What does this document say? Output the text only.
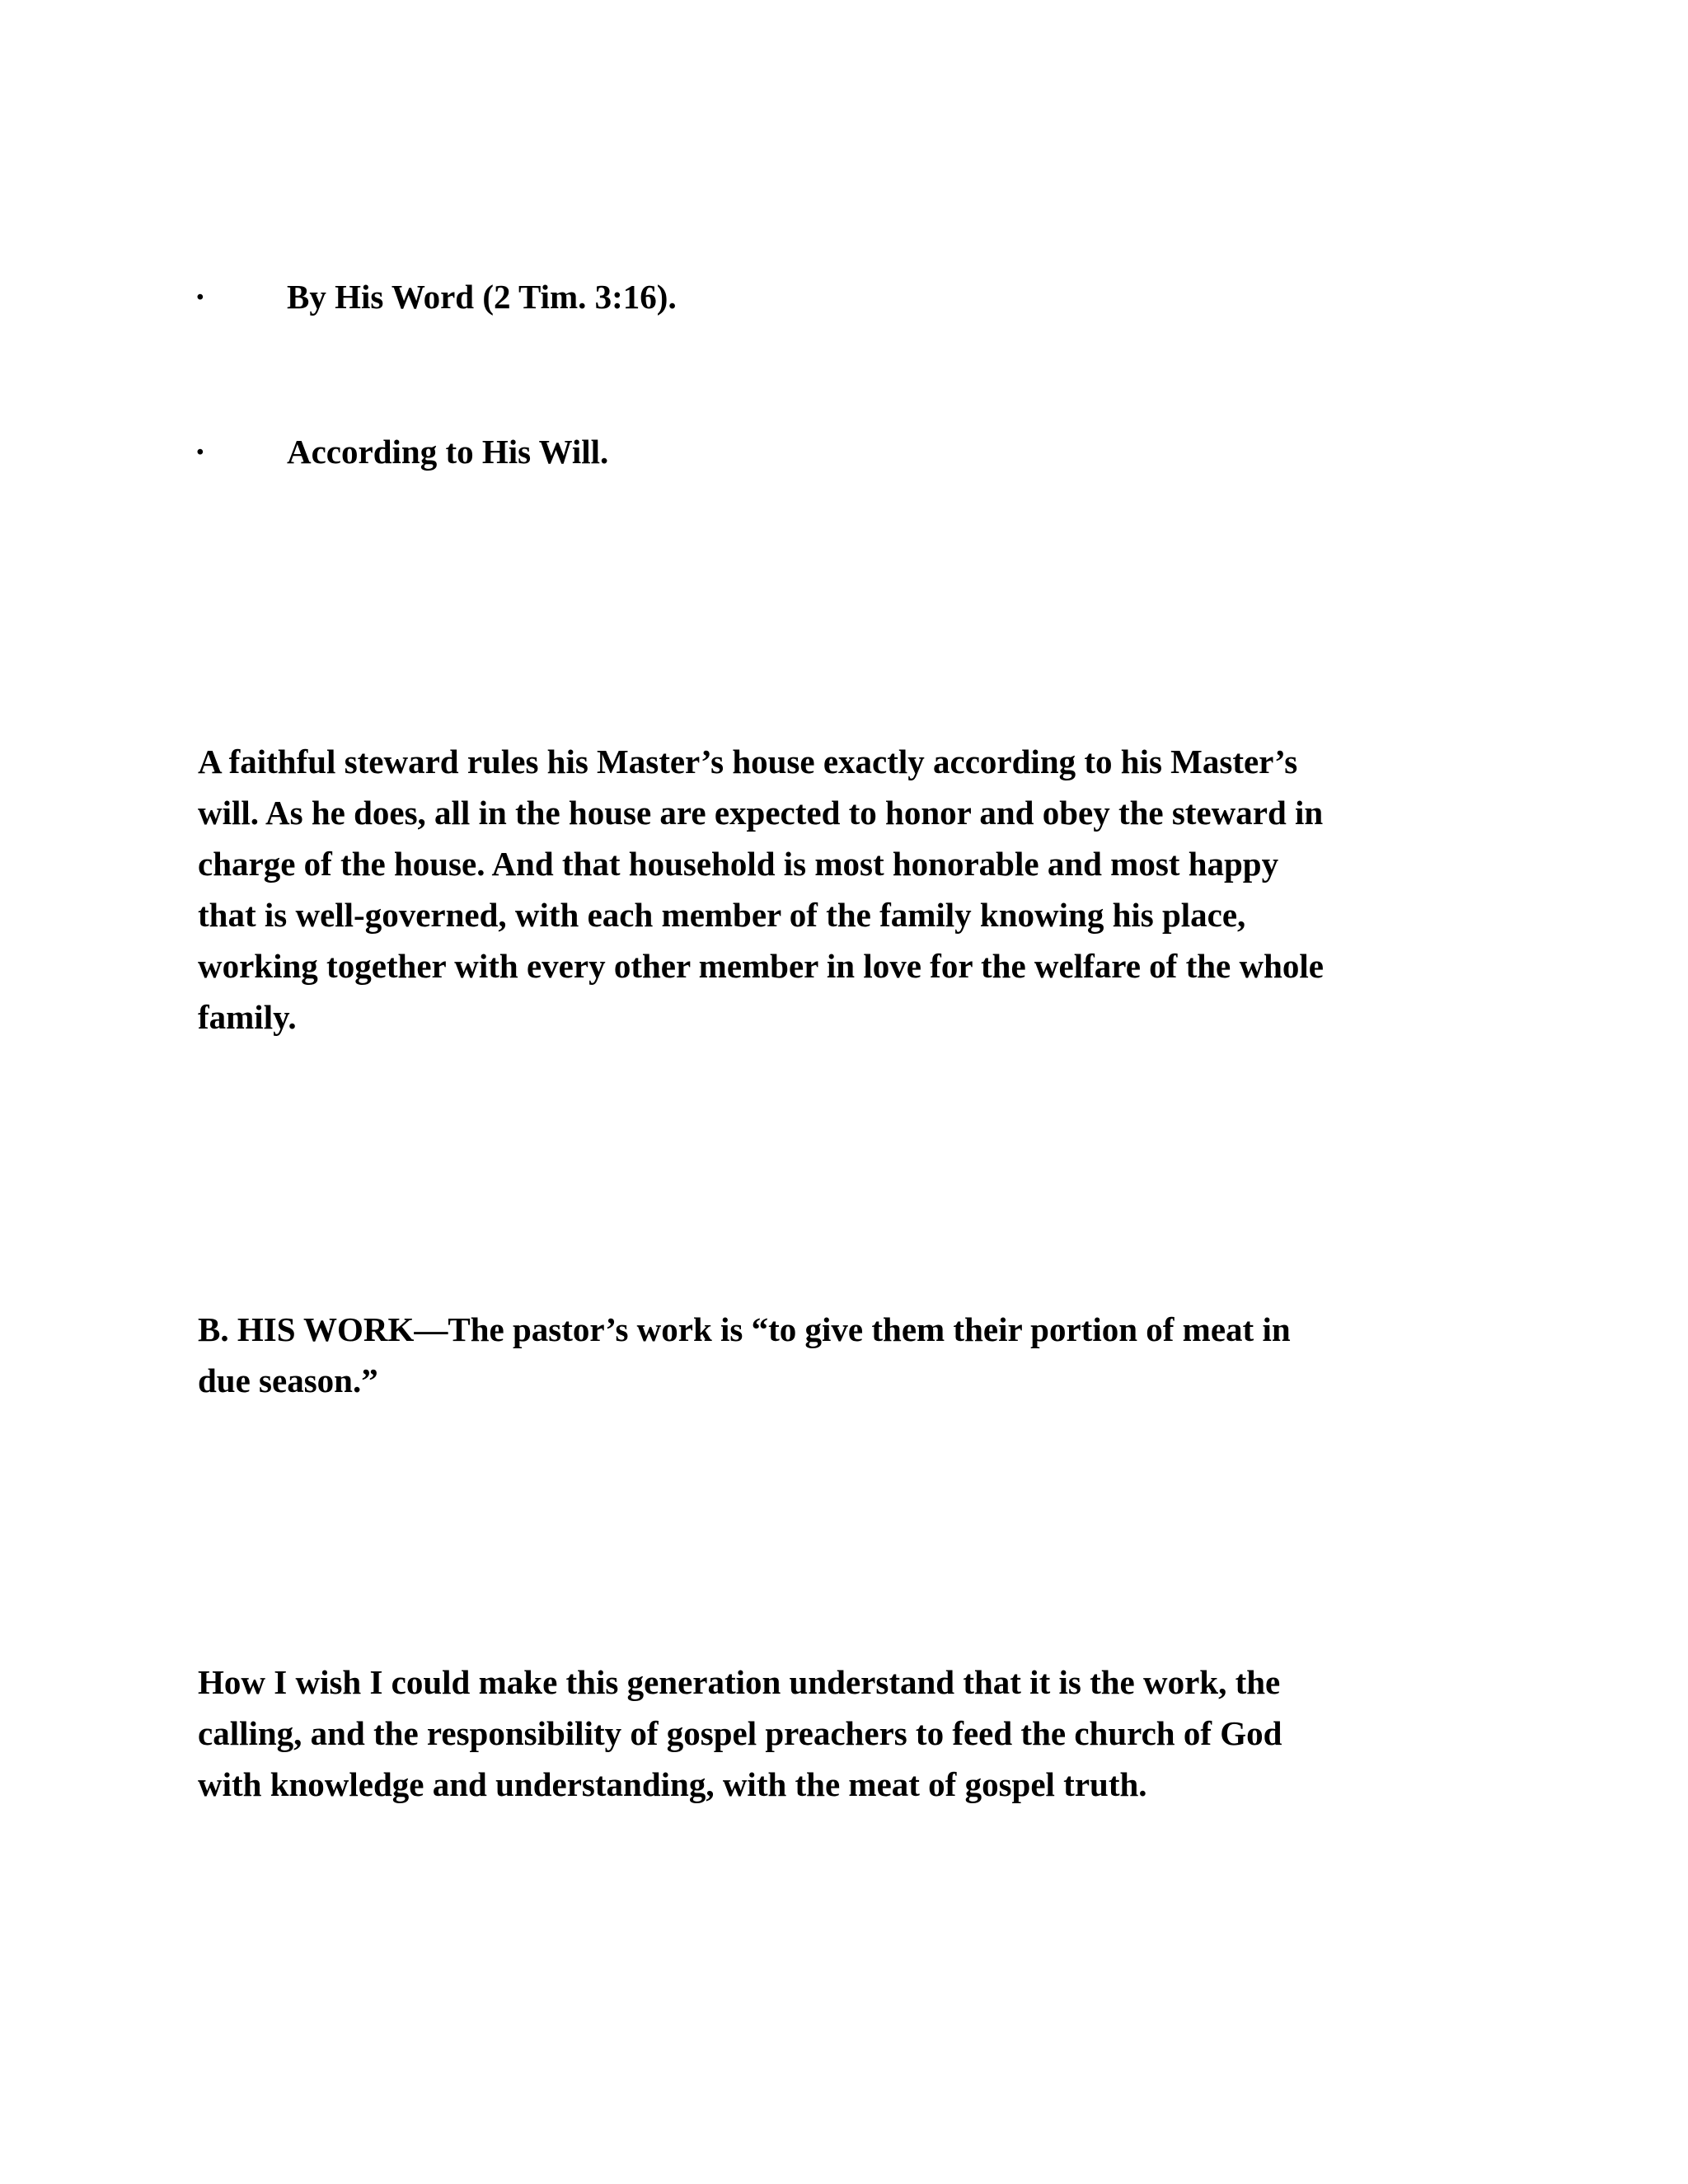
· By His Word (2 Tim. 3:16).
· According to His Will.
A faithful steward rules his Master’s house exactly according to his Master’s
will. As he does, all in the house are expected to honor and obey the steward in
charge of the house. And that household is most honorable and most happy
that is well-governed, with each member of the family knowing his place,
working together with every other member in love for the welfare of the whole
family.
B. HIS WORK—The pastor’s work is “to give them their portion of meat in
due season.”
How I wish I could make this generation understand that it is the work, the
calling, and the responsibility of gospel preachers to feed the church of God
with knowledge and understanding, with the meat of gospel truth.
